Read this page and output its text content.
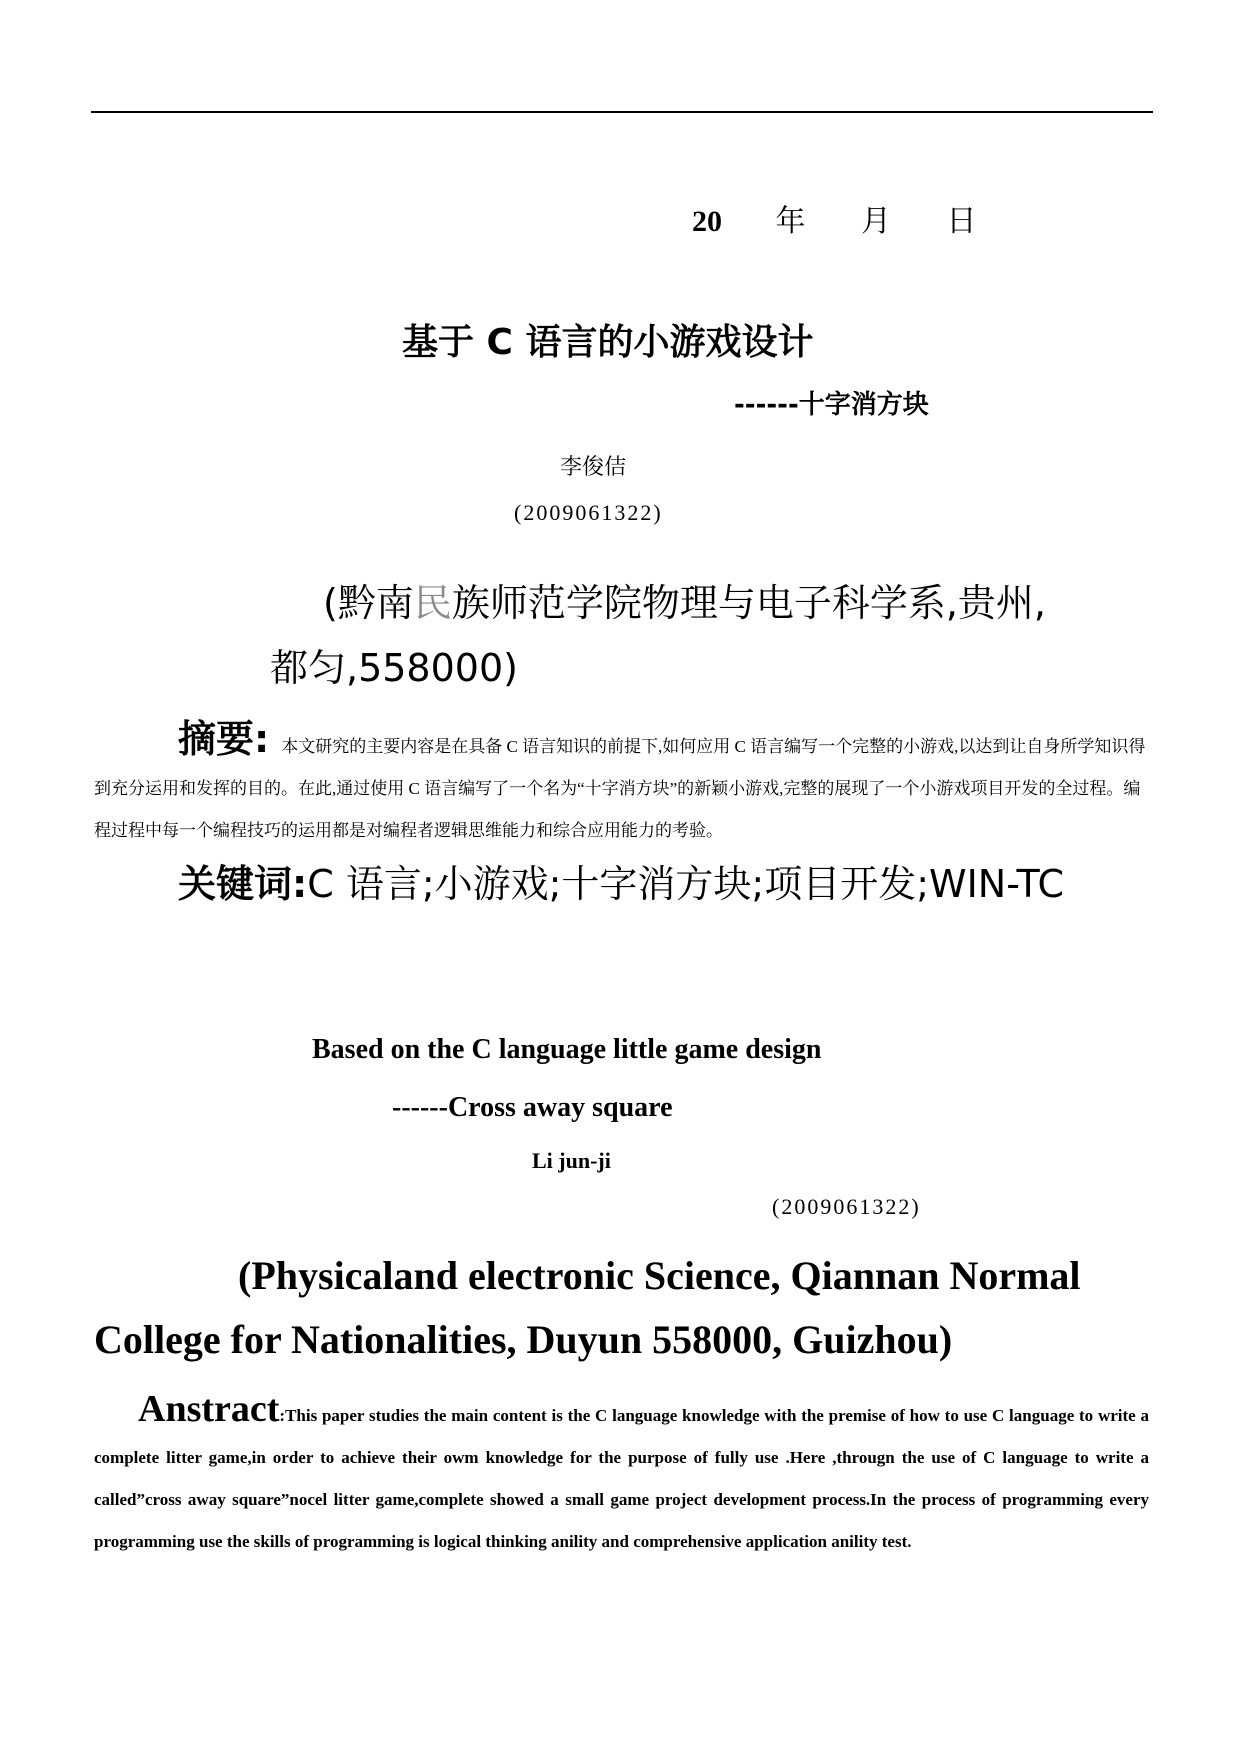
20 年 月 日
基于 C 语言的小游戏设计
------十字消方块
李俊佶
(2009061322)
(黔南民族师范学院物理与电子科学系,贵州,
都匀,558000)
摘要: 本文研究的主要内容是在具备 C 语言知识的前提下,如何应用 C 语言编写一个完整的小游戏,以达到让自身所学知识得到充分运用和发挥的目的。在此,通过使用 C 语言编写了一个名为“十字消方块”的新颖小游戏,完整的展现了一个小游戏项目开发的全过程。编程过程中每一个编程技巧的运用都是对编程者逻辑思维能力和综合应用能力的考验。
关键词:C 语言;小游戏;十字消方块;项目开发;WIN-TC
Based on the C language little game design
------Cross away square
Li jun-ji
(2009061322)
(Physicaland electronic Science, Qiannan Normal
College for Nationalities, Duyun 558000, Guizhou)
Anstract:This paper studies the main content is the C language knowledge with the premise of how to use C language to write a complete litter game,in order to achieve their owm knowledge for the purpose of fully use .Here ,througn the use of C language to write a called”cross away square”nocel litter game,complete showed a small game project development process.In the process of programming every programming use the skills of programming is logical thinking anility and comprehensive application anility test.
